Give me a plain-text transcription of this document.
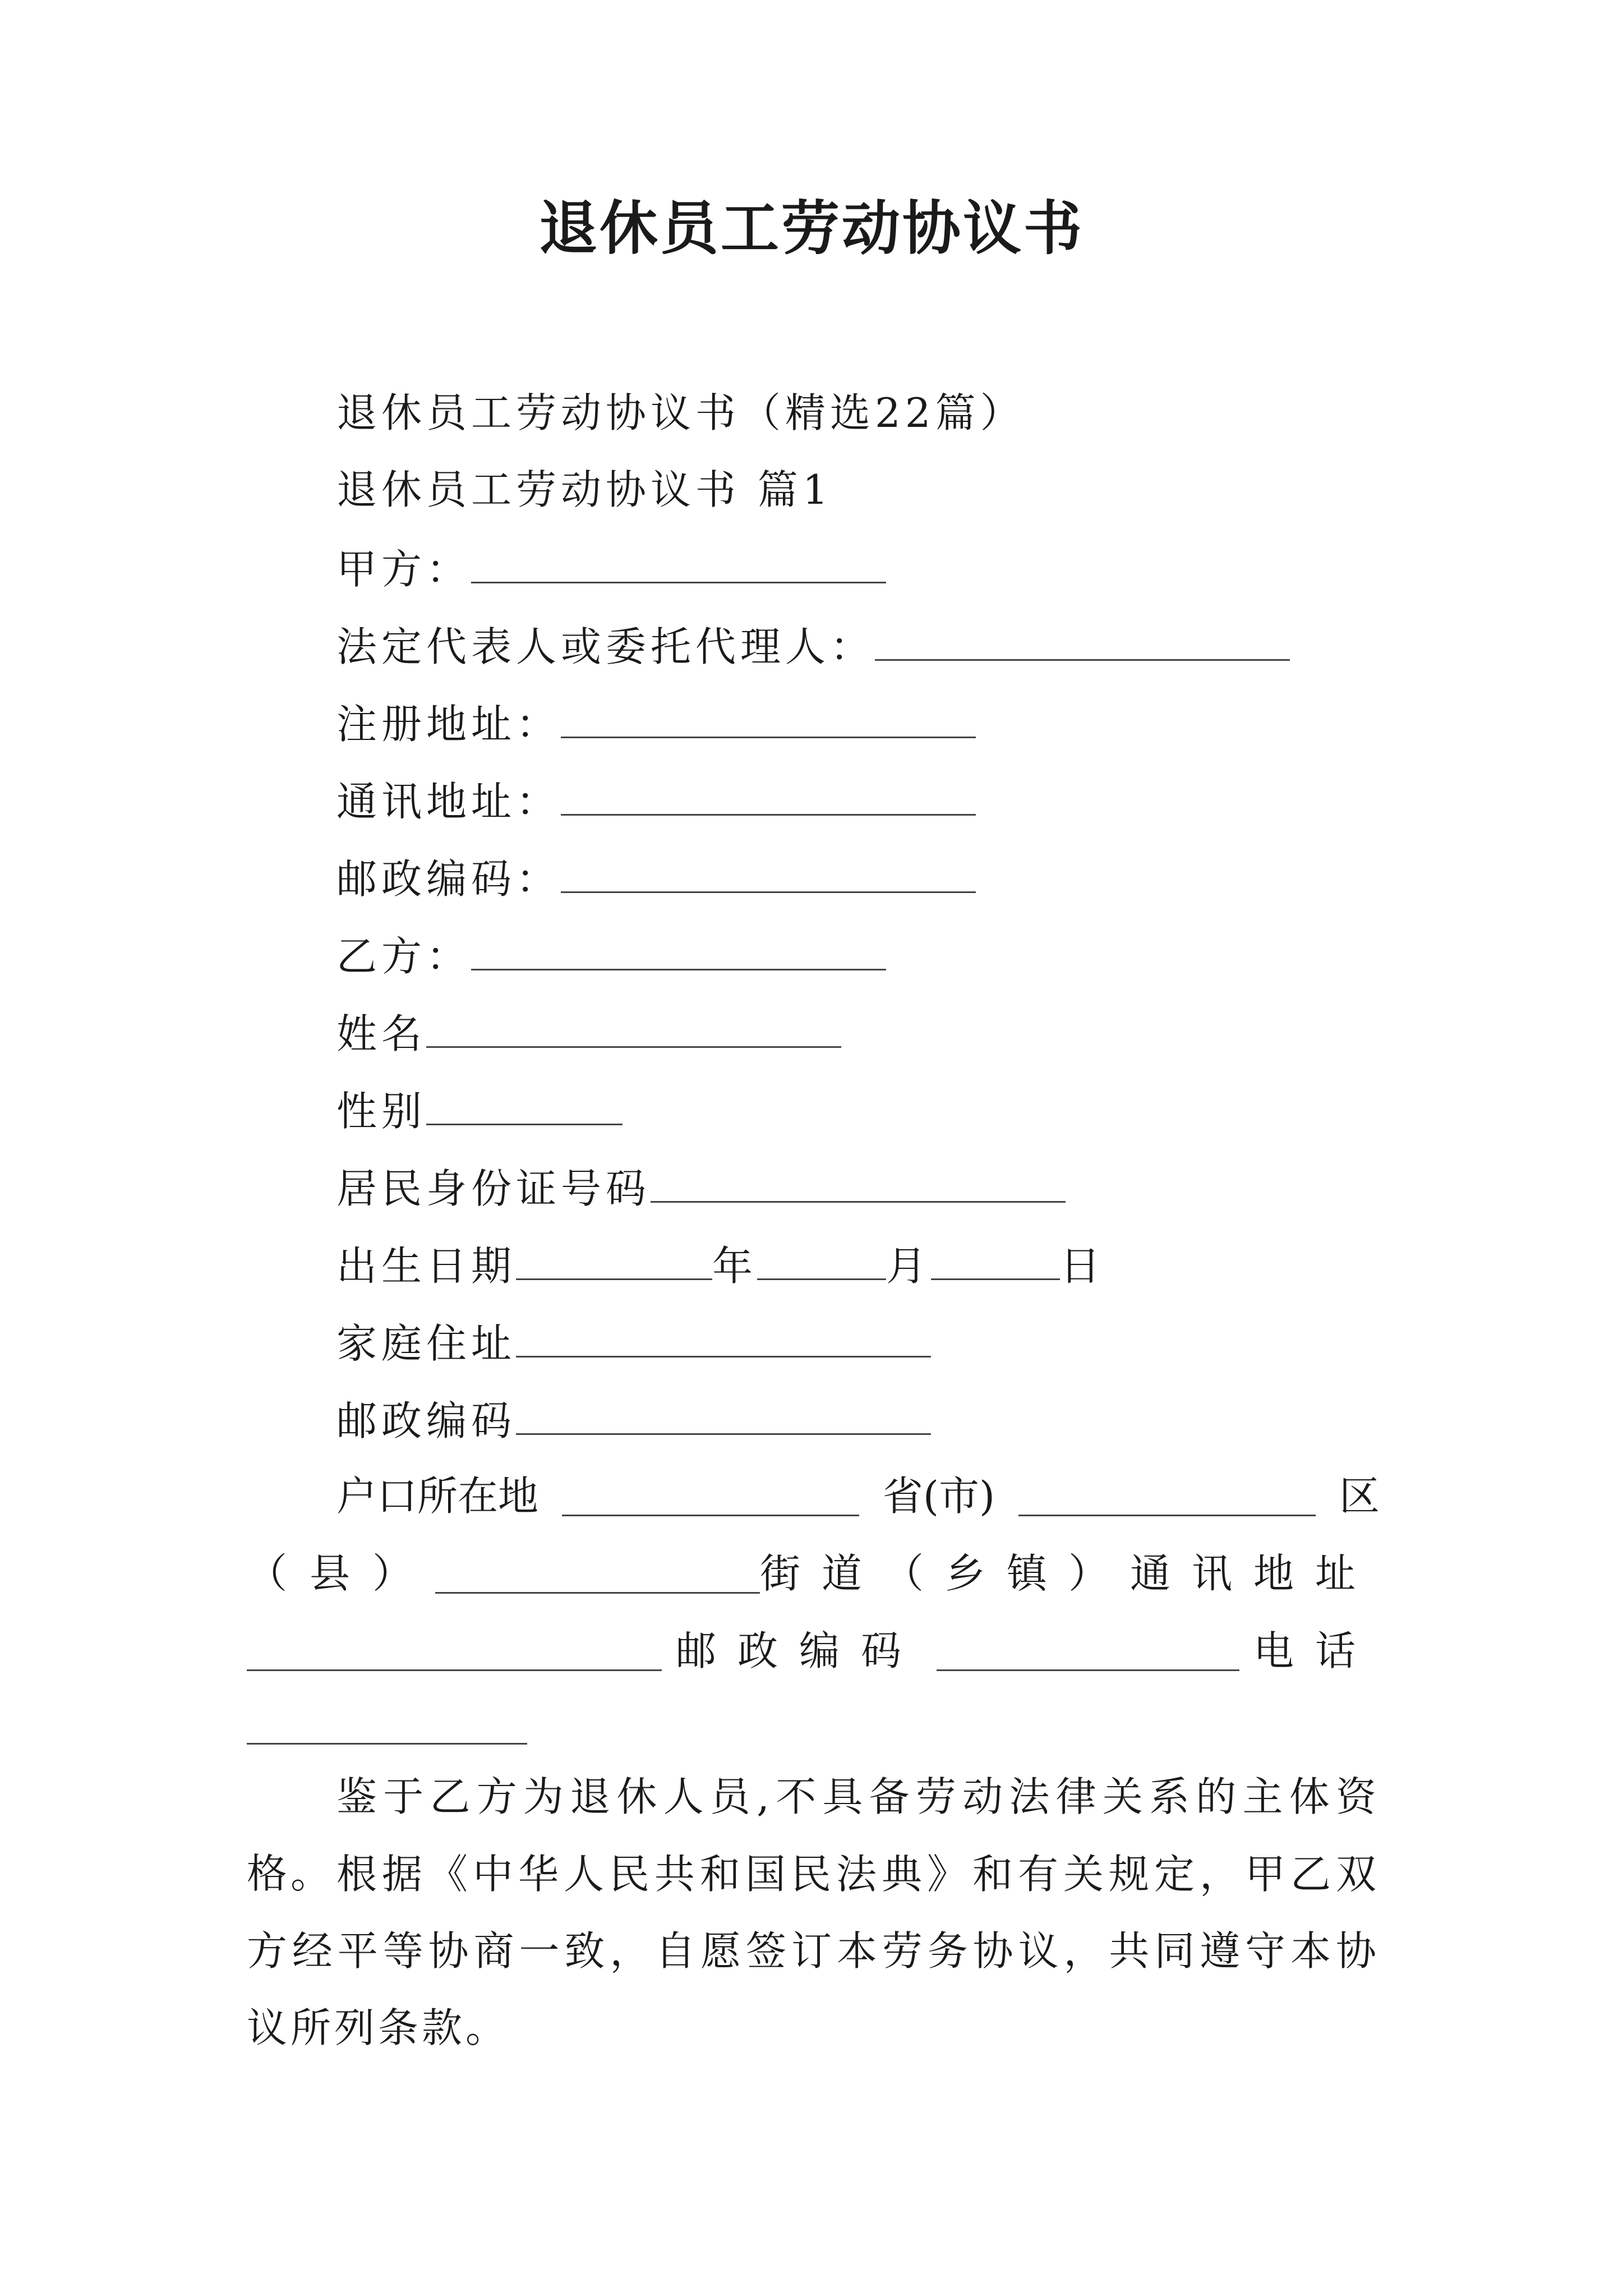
退休员工劳动协议书
退休员工劳动协议书（精选22篇）
退休员工劳动协议书 篇1
甲方：
法定代表人或委托代理人：
注册地址：
通讯地址：
邮政编码：
乙方：
姓名
性别
居民身份证号码
出生日期	年	月	日
家庭住址
邮政编码
户口所在地	省(市)	区
（县）	街道（乡镇）通讯地址
邮政编码	电话
鉴于乙方为退休人员,不具备劳动法律关系的主体资格。 根据《中华人民共和国民法典》和有关规定，甲乙双方经平等协商一致，自愿签订本劳务协议，共同遵守本协议所列条款。
